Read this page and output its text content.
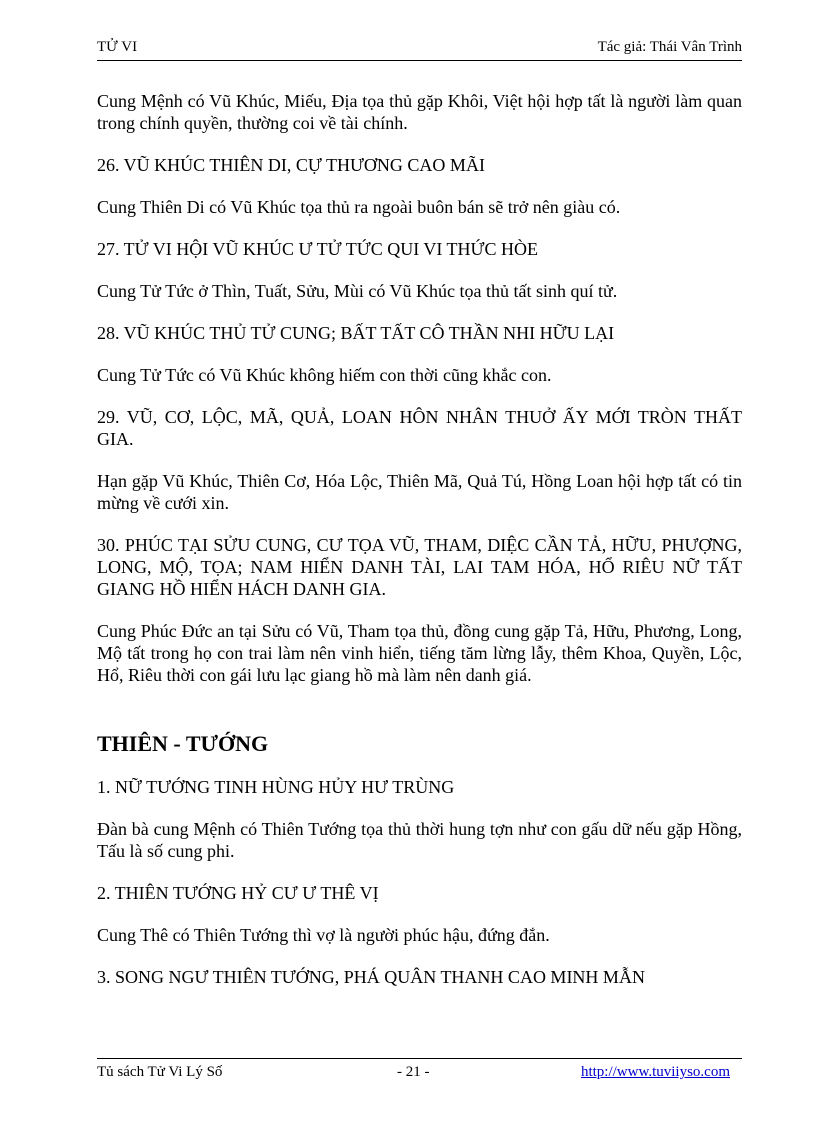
TỬ VI	Tác giả: Thái Vân Trình

Cung Mệnh có Vũ Khúc, Miếu, Địa tọa thủ gặp Khôi, Việt hội hợp tất là người làm quan trong chính quyền, thường coi về tài chính.

26. VŨ KHÚC THIÊN DI, CỰ THƯƠNG CAO MÃI

Cung Thiên Di có Vũ Khúc tọa thủ ra ngoài buôn bán sẽ trở nên giàu có.

27. TỬ VI HỘI VŨ KHÚC Ư TỬ TỨC QUI VI THỨC HÒE

Cung Tử Tức ở Thìn, Tuất, Sửu, Mùi có Vũ Khúc tọa thủ tất sinh quí tử.

28. VŨ KHÚC THỦ TỬ CUNG; BẤT TẤT CÔ THẦN NHI HỮU LẠI

Cung Tử Tức có Vũ Khúc không hiếm con thời cũng khắc con.

29. VŨ, CƠ, LỘC, MÃ, QUẢ, LOAN HÔN NHÂN THUỞ ẤY MỚI TRÒN THẤT GIA.

Hạn gặp Vũ Khúc, Thiên Cơ, Hóa Lộc, Thiên Mã, Quả Tú, Hồng Loan hội hợp tất có tin mừng về cưới xin.

30. PHÚC TẠI SỬU CUNG, CƯ TỌA VŨ, THAM, DIỆC CẦN TẢ, HỮU, PHƯỢNG, LONG, MỘ, TỌA; NAM HIỂN DANH TÀI, LAI TAM HÓA, HỔ RIÊU NỮ TẤT GIANG HỒ HIỂN HÁCH DANH GIA.

Cung Phúc Đức an tại Sửu có Vũ, Tham tọa thủ, đồng cung gặp Tả, Hữu, Phương, Long, Mộ tất trong họ con trai làm nên vinh hiển, tiếng tăm lừng lẫy, thêm Khoa, Quyền, Lộc, Hổ, Riêu thời con gái lưu lạc giang hồ mà làm nên danh giá.

THIÊN - TƯỚNG

1. NỮ TƯỚNG TINH HÙNG HỦY HƯ TRÙNG

Đàn bà cung Mệnh có Thiên Tướng tọa thủ thời hung tợn như con gấu dữ nếu gặp Hồng, Tấu là số cung phi.

2. THIÊN TƯỚNG HỶ CƯ Ư THÊ VỊ

Cung Thê có Thiên Tướng thì vợ là người phúc hậu, đứng đắn.

3. SONG NGƯ THIÊN TƯỚNG, PHÁ QUÂN THANH CAO MINH MẪN

Tủ sách Tử Vi Lý Số	- 21 -	http://www.tuviiyso.com
